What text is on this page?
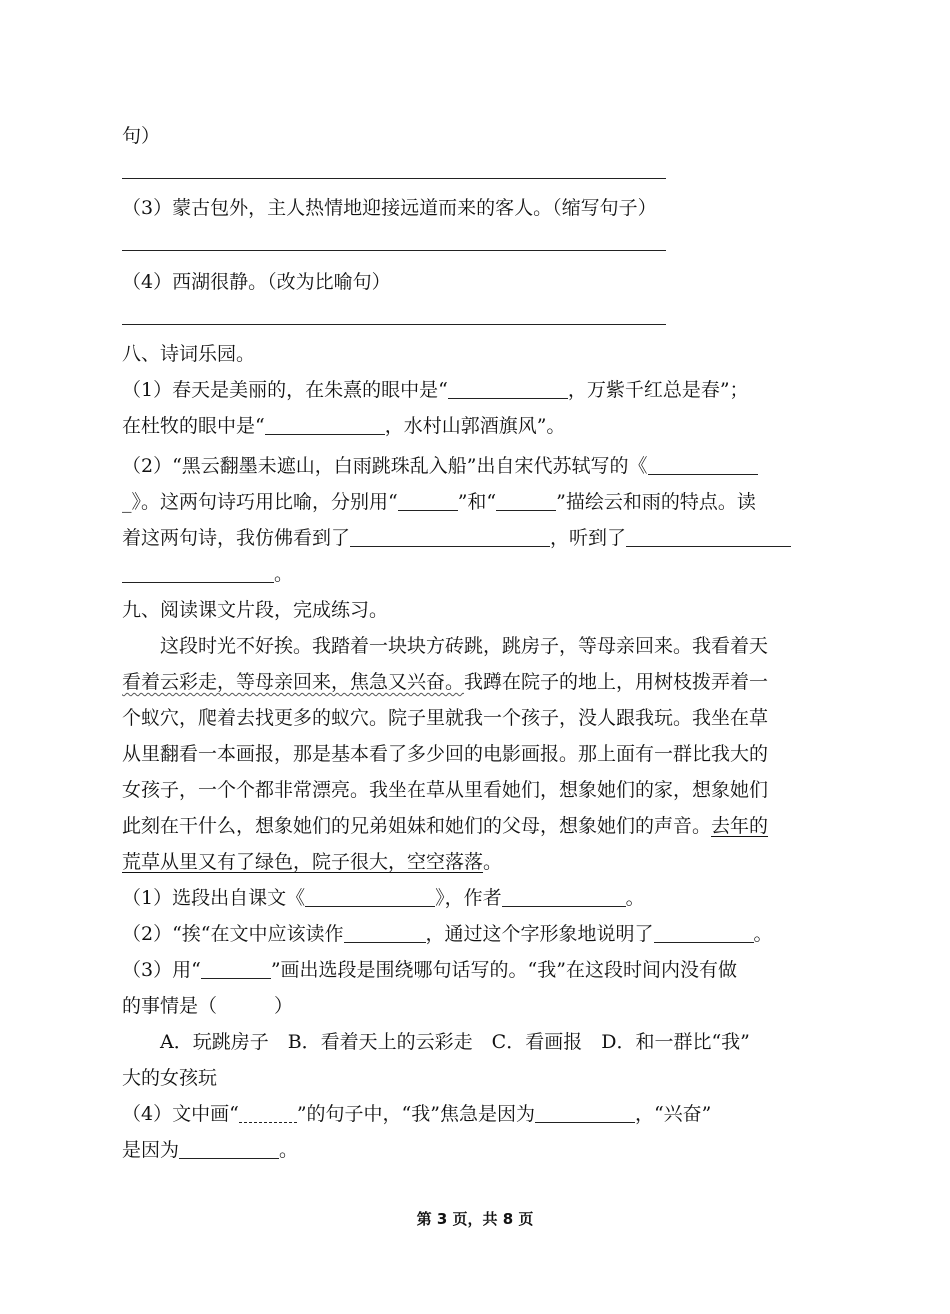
句）
（3）蒙古包外，主人热情地迎接远道而来的客人。（缩写句子）
（4）西湖很静。（改为比喻句）
八、诗词乐园。
（1）春天是美丽的，在朱熹的眼中是“	，万紫千红总是春”；
在杜牧的眼中是“	，水村山郭酒旗风”。
（2）“黑云翻墨未遮山，白雨跳珠乱入船”出自宋代苏轼写的《
_》。这两句诗巧用比喻，分别用“	”和“	”描绘云和雨的特点。读
着这两句诗，我仿佛看到了	，听到了
。
九、阅读课文片段，完成练习。
这段时光不好挨。我踏着一块块方砖跳，跳房子，等母亲回来。我看着天
看着云彩走，等母亲回来，焦急又兴奋。我蹲在院子的地上，用树枝拨弄着一
个蚁穴，爬着去找更多的蚁穴。院子里就我一个孩子，没人跟我玩。我坐在草
从里翻看一本画报，那是基本看了多少回的电影画报。那上面有一群比我大的
女孩子，一个个都非常漂亮。我坐在草从里看她们，想象她们的家，想象她们
此刻在干什么，想象她们的兄弟姐妹和她们的父母，想象她们的声音。去年的
荒草从里又有了绿色，院子很大，空空落落。
（1）选段出自课文《	》，作者	。
（2）“挨“在文中应该读作	，通过这个字形象地说明了	。
（3）用“	”画出选段是围绕哪句话写的。“我”在这段时间内没有做
的事情是（　　　）
A．玩跳房子　B．看着天上的云彩走　C．看画报　D．和一群比“我”
大的女孩玩
（4）文中画“	”的句子中，“我”焦急是因为	，“兴奋”
是因为	。
第 3 页，共 8 页
